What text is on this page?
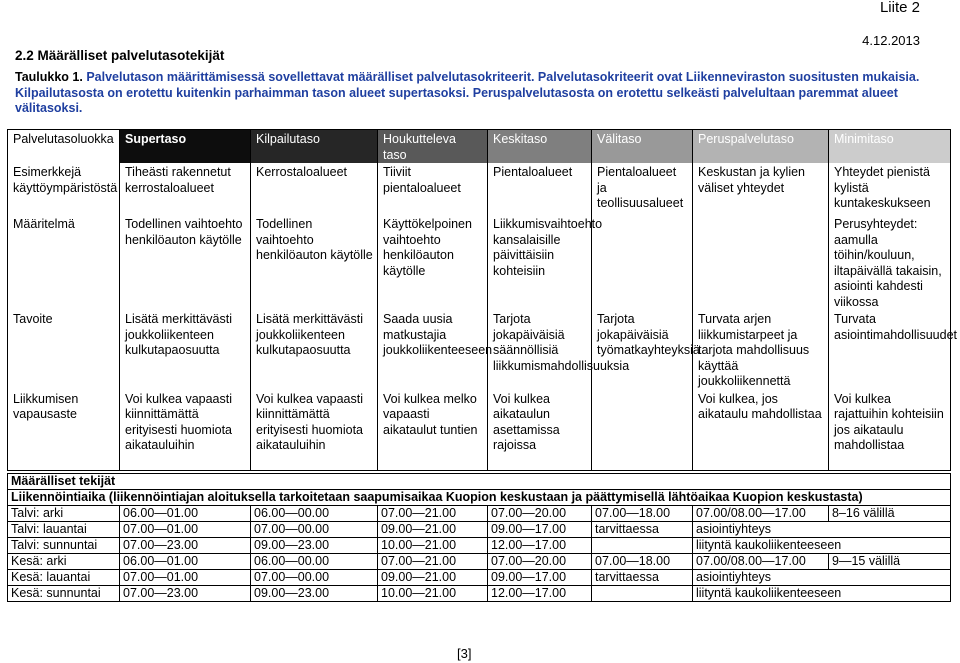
Liite 2
4.12.2013
2.2 Määrälliset palvelutasotekijät
Taulukko 1. Palvelutason määrittämisessä sovellettavat määrälliset palvelutasokriteerit. Palvelutasokriteerit ovat Liikenneviraston suositusten mukaisia. Kilpailutasosta on erotettu kuitenkin parhaimman tason alueet supertasoksi. Peruspalvelutasosta on erotettu selkeästi palvelultaan paremmat alueet välitasoksi.
Palvelutasoluokka	Supertaso	Kilpailutaso	Houkutteleva taso	Keskitaso	Välitaso	Peruspalvelutaso	Minimitaso
Esimerkkejä käyttöympäristöstä	Tiheästi rakennetut kerrostaloalueet	Kerrostaloalueet	Tiiviit pientaloalueet	Pientaloalueet	Pientaloalueet ja teollisuusalueet	Keskustan ja kylien väliset yhteydet	Yhteydet pienistä kylistä kuntakeskukseen
Määritelmä	Todellinen vaihtoehto henkilöauton käytölle	Todellinen vaihtoehto henkilöauton käytölle	Käyttökelpoinen vaihtoehto henkilöauton käytölle	Liikkumisvaihtoehto kansalaisille päivittäisiin kohteisiin			Perusyhteydet: aamulla töihin/kouluun, iltapäivällä takaisin, asiointi kahdesti viikossa
Tavoite	Lisätä merkittävästi joukkoliikenteen kulkutapaosuutta	Lisätä merkittävästi joukkoliikenteen kulkutapaosuutta	Saada uusia matkustajia joukkoliikenteeseen	Tarjota jokapäiväisiä säännöllisiä liikkumismahdollisuuksia	Tarjota jokapäiväisiä työmatkayhteyksiä	Turvata arjen liikkumistarpeet ja tarjota mahdollisuus käyttää joukkoliikennettä	Turvata asiointimahdollisuudet
Liikkumisen vapausaste	Voi kulkea vapaasti kiinnittämättä erityisesti huomiota aikatauluihin	Voi kulkea vapaasti kiinnittämättä erityisesti huomiota aikatauluihin	Voi kulkea melko vapaasti aikataulut tuntien	Voi kulkea aikataulun asettamissa rajoissa		Voi kulkea, jos aikataulu mahdollistaa	Voi kulkea rajattuihin kohteisiin jos aikataulu mahdollistaa
Määrälliset tekijät							
Liikennöintiaika (liikennöintiajan aloituksella tarkoitetaan saapumisaikaa Kuopion keskustaan ja päättymisellä lähtöaikaa Kuopion keskustasta)							
Talvi: arki	06.00—01.00	06.00—00.00	07.00—21.00	07.00—20.00	07.00—18.00	07.00/08.00—17.00	8–16 välillä
Talvi: lauantai	07.00—01.00	07.00—00.00	09.00—21.00	09.00—17.00	tarvittaessa	asiointiyhteys	
Talvi: sunnuntai	07.00—23.00	09.00—23.00	10.00—21.00	12.00—17.00		liityntä kaukoliikenteeseen	
Kesä: arki	06.00—01.00	06.00—00.00	07.00—21.00	07.00—20.00	07.00—18.00	07.00/08.00—17.00	9—15 välillä
Kesä: lauantai	07.00—01.00	07.00—00.00	09.00—21.00	09.00—17.00	tarvittaessa	asiointiyhteys	
Kesä: sunnuntai	07.00—23.00	09.00—23.00	10.00—21.00	12.00—17.00		liityntä kaukoliikenteeseen	
[3]
